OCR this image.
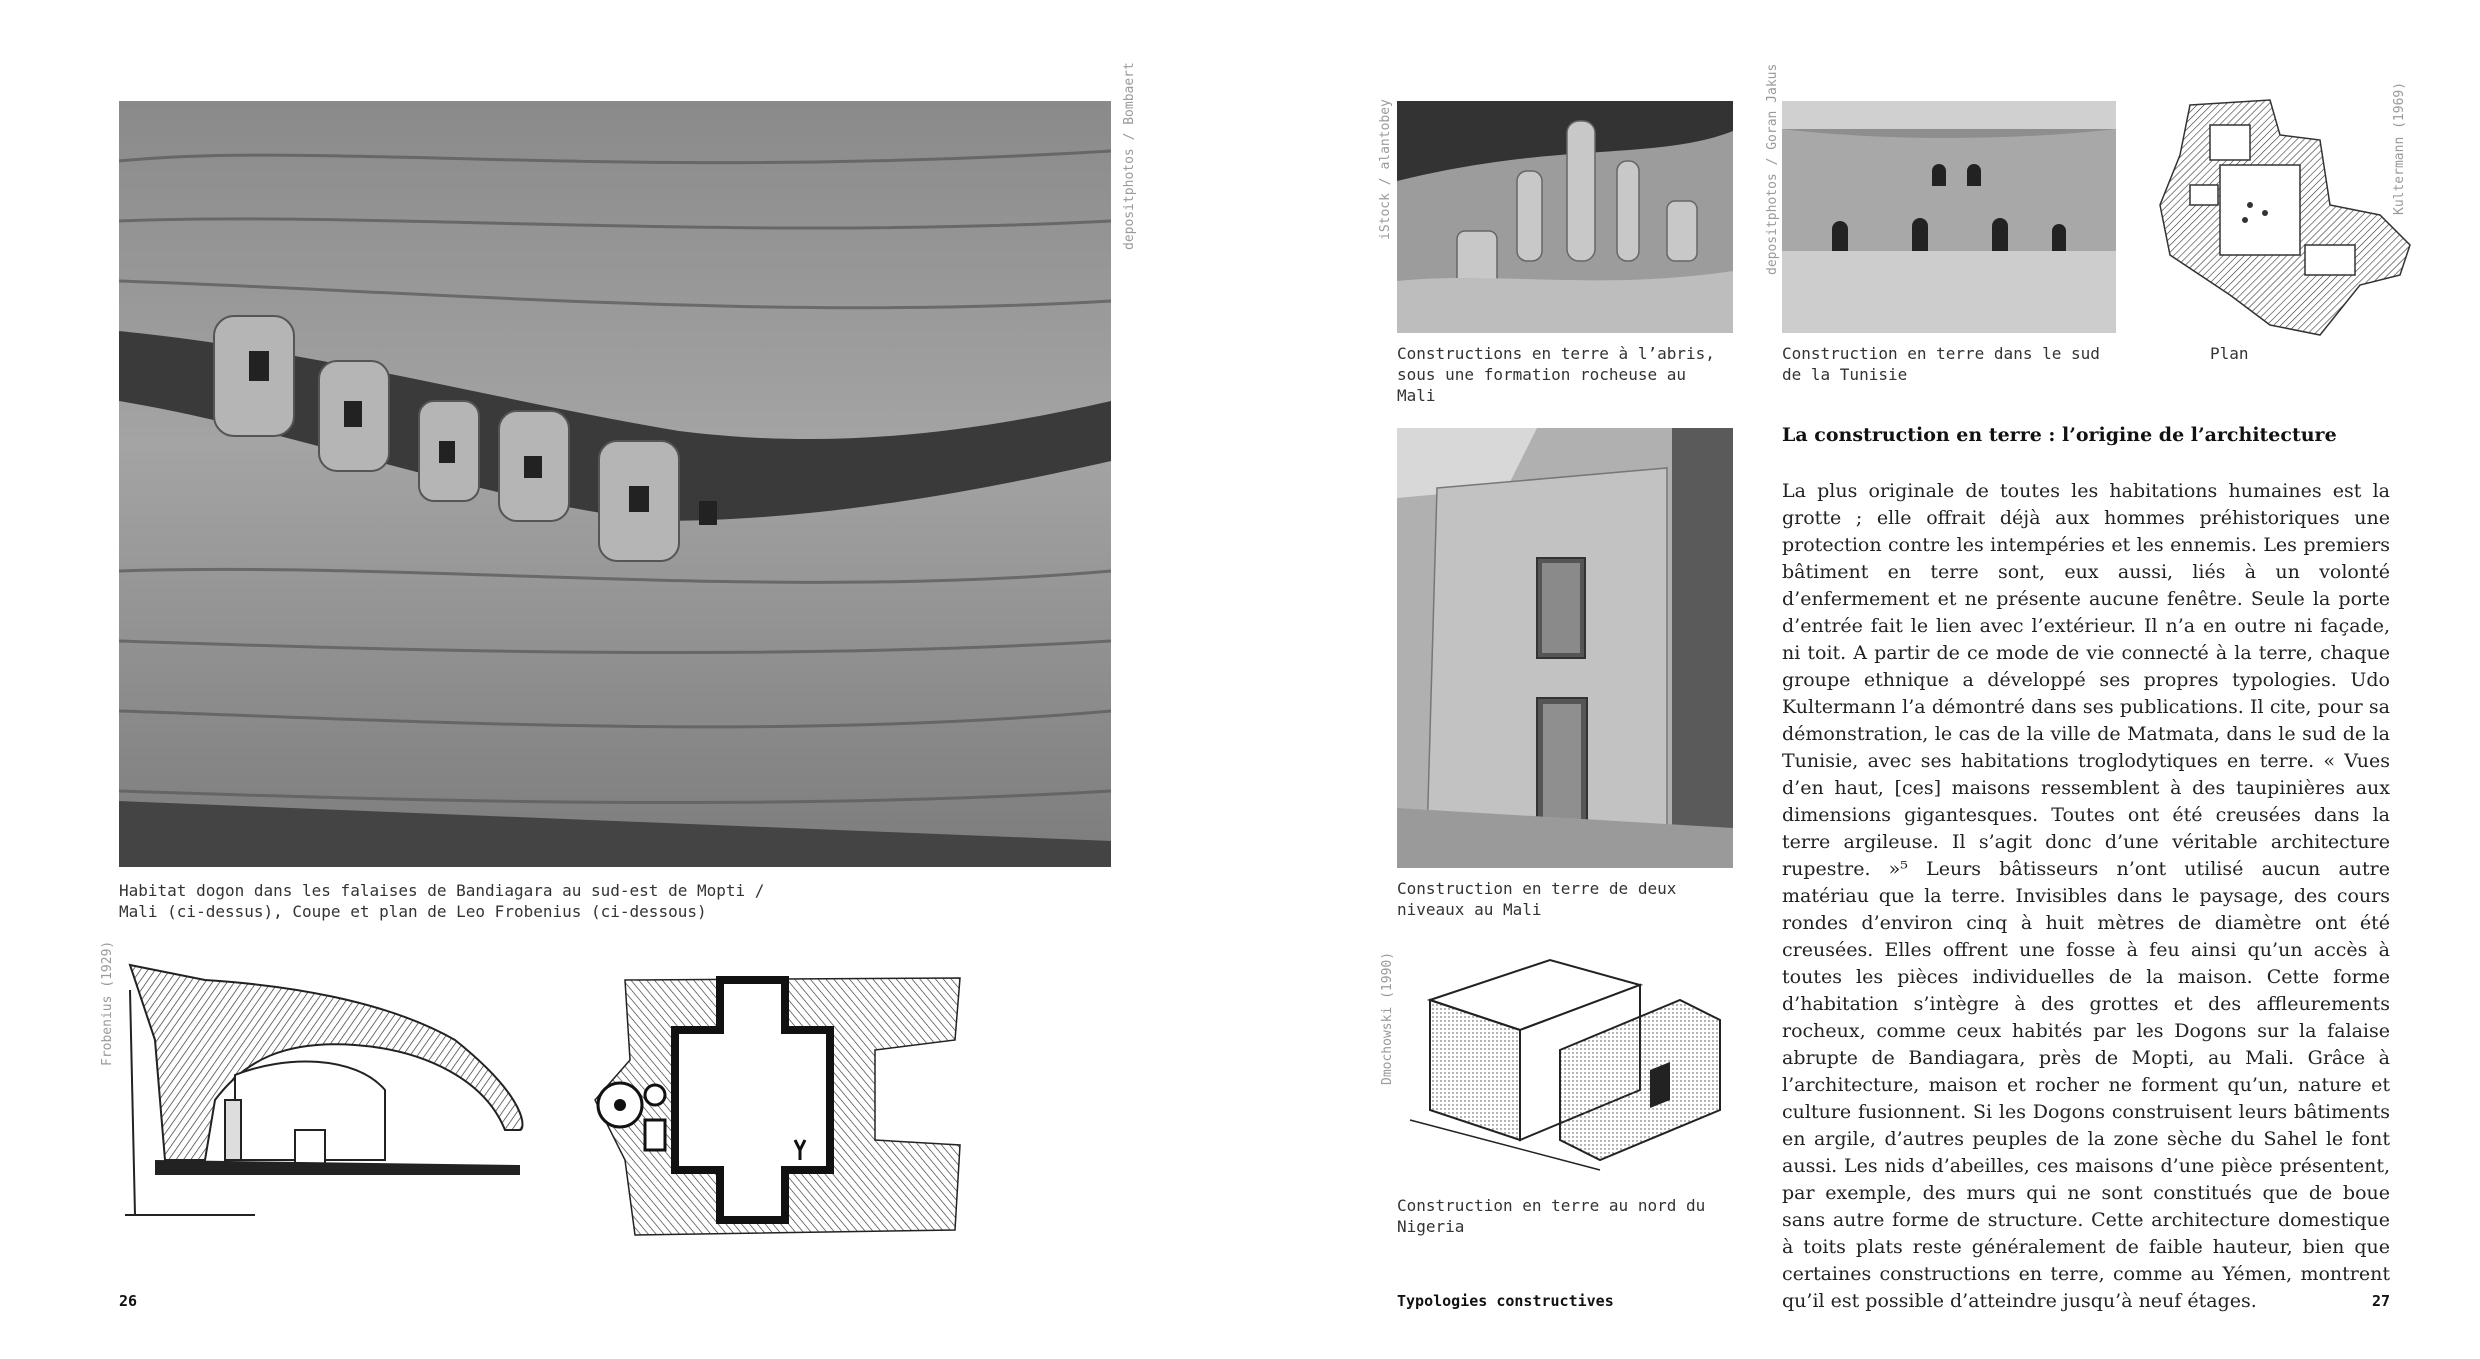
depositphotos / Bombaert
Habitat dogon dans les falaises de Bandiagara au sud-est de Mopti / Mali (ci-dessus), Coupe et plan de Leo Frobenius (ci-dessous)
Frobenius (1929)
26
iStock / alantobey
Constructions en terre à l’abris, sous une formation rocheuse au Mali
depositphotos / Goran Jakus
Construction en terre dans le sud de la Tunisie
Kultermann (1969)
Plan
Construction en terre de deux niveaux au Mali
Dmochowski (1990)
Construction en terre au nord du Nigeria
La construction en terre : l’origine de l’architecture

La plus originale de toutes les habitations humaines est la grotte ; elle offrait déjà aux hommes préhistoriques une protection contre les intempéries et les ennemis. Les premiers bâtiment en terre sont, eux aussi, liés à un volonté d’enfermement et ne présente aucune fenêtre. Seule la porte d’entrée fait le lien avec l’extérieur. Il n’a en outre ni façade, ni toit. A partir de ce mode de vie connecté à la terre, chaque groupe ethnique a développé ses propres typologies. Udo Kultermann l’a démontré dans ses publications. Il cite, pour sa démonstration, le cas de la ville de Matmata, dans le sud de la Tunisie, avec ses habitations troglodytiques en terre. « Vues d’en haut, [ces] maisons ressemblent à des taupinières aux dimensions gigantesques. Toutes ont été creusées dans la terre argileuse. Il s’agit donc d’une véritable architecture rupestre. »⁵ Leurs bâtisseurs n’ont utilisé aucun autre matériau que la terre. Invisibles dans le paysage, des cours rondes d’environ cinq à huit mètres de diamètre ont été creusées. Elles offrent une fosse à feu ainsi qu’un accès à toutes les pièces individuelles de la maison. Cette forme d’habitation s’intègre à des grottes et des affleurements rocheux, comme ceux habités par les Dogons sur la falaise abrupte de Bandiagara, près de Mopti, au Mali. Grâce à l’architecture, maison et rocher ne forment qu’un, nature et culture fusionnent. Si les Dogons construisent leurs bâtiments en argile, d’autres peuples de la zone sèche du Sahel le font aussi. Les nids d’abeilles, ces maisons d’une pièce présentent, par exemple, des murs qui ne sont constitués que de boue sans autre forme de structure. Cette architecture domestique à toits plats reste généralement de faible hauteur, bien que certaines constructions en terre, comme au Yémen, montrent qu’il est possible d’atteindre jusqu’à neuf étages.

Typologies constructives	27
